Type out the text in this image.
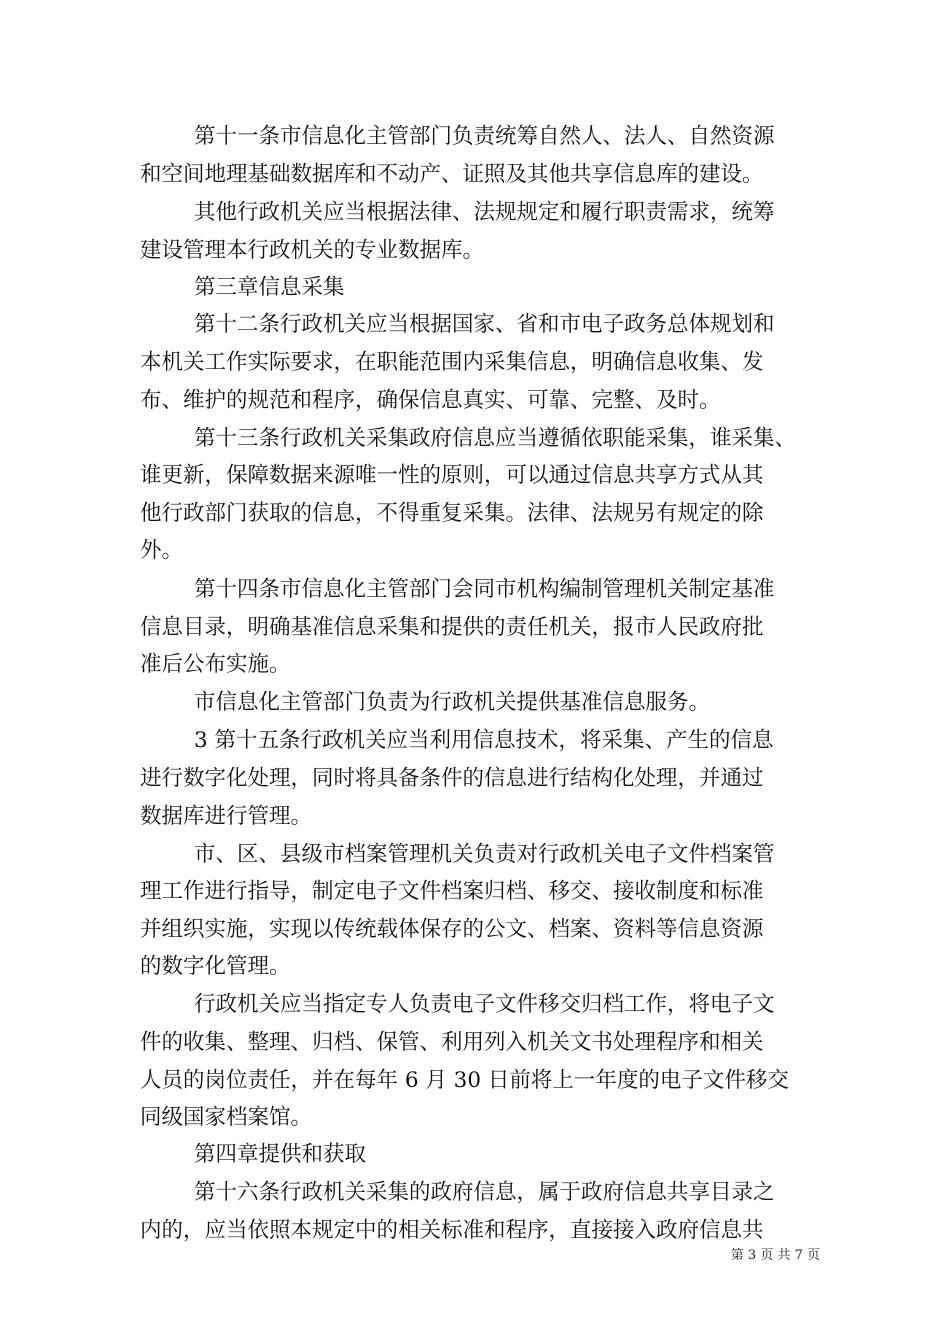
第十一条市信息化主管部门负责统筹自然人、法人、自然资源
和空间地理基础数据库和不动产、证照及其他共享信息库的建设。
其他行政机关应当根据法律、法规规定和履行职责需求，统筹
建设管理本行政机关的专业数据库。
第三章信息采集
第十二条行政机关应当根据国家、省和市电子政务总体规划和
本机关工作实际要求，在职能范围内采集信息，明确信息收集、发
布、维护的规范和程序，确保信息真实、可靠、完整、及时。
第十三条行政机关采集政府信息应当遵循依职能采集，谁采集、
谁更新，保障数据来源唯一性的原则，可以通过信息共享方式从其
他行政部门获取的信息，不得重复采集。法律、法规另有规定的除
外。
第十四条市信息化主管部门会同市机构编制管理机关制定基准
信息目录，明确基准信息采集和提供的责任机关，报市人民政府批
准后公布实施。
市信息化主管部门负责为行政机关提供基准信息服务。
3 第十五条行政机关应当利用信息技术，将采集、产生的信息
进行数字化处理，同时将具备条件的信息进行结构化处理，并通过
数据库进行管理。
市、区、县级市档案管理机关负责对行政机关电子文件档案管
理工作进行指导，制定电子文件档案归档、移交、接收制度和标准
并组织实施，实现以传统载体保存的公文、档案、资料等信息资源
的数字化管理。
行政机关应当指定专人负责电子文件移交归档工作，将电子文
件的收集、整理、归档、保管、利用列入机关文书处理程序和相关
人员的岗位责任，并在每年 6 月 30 日前将上一年度的电子文件移交
同级国家档案馆。
第四章提供和获取
第十六条行政机关采集的政府信息，属于政府信息共享目录之
内的，应当依照本规定中的相关标准和程序，直接接入政府信息共
第 3 页 共 7 页
